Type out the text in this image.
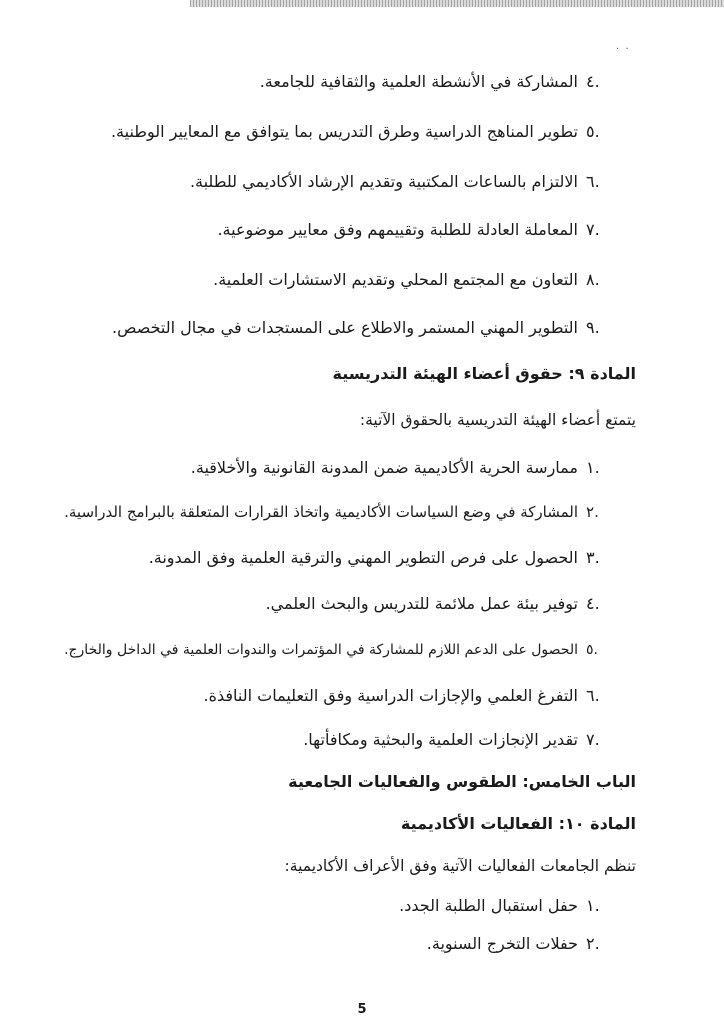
·  ·
.٤المشاركة في الأنشطة العلمية والثقافية للجامعة.
.٥تطوير المناهج الدراسية وطرق التدريس بما يتوافق مع المعايير الوطنية.
.٦الالتزام بالساعات المكتبية وتقديم الإرشاد الأكاديمي للطلبة.
.٧المعاملة العادلة للطلبة وتقييمهم وفق معايير موضوعية.
.٨التعاون مع المجتمع المحلي وتقديم الاستشارات العلمية.
.٩التطوير المهني المستمر والاطلاع على المستجدات في مجال التخصص.
المادة ٩: حقوق أعضاء الهيئة التدريسية
يتمتع أعضاء الهيئة التدريسية بالحقوق الآتية:
.١ممارسة الحرية الأكاديمية ضمن المدونة القانونية والأخلاقية.
.٢المشاركة في وضع السياسات الأكاديمية واتخاذ القرارات المتعلقة بالبرامج الدراسية.
.٣الحصول على فرص التطوير المهني والترقية العلمية وفق المدونة.
.٤توفير بيئة عمل ملائمة للتدريس والبحث العلمي.
.٥الحصول على الدعم اللازم للمشاركة في المؤتمرات والندوات العلمية في الداخل والخارج.
.٦التفرغ العلمي والإجازات الدراسية وفق التعليمات النافذة.
.٧تقدير الإنجازات العلمية والبحثية ومكافأتها.
الباب الخامس: الطقوس والفعاليات الجامعية
المادة ١٠: الفعاليات الأكاديمية
تنظم الجامعات الفعاليات الآتية وفق الأعراف الأكاديمية:
.١حفل استقبال الطلبة الجدد.
.٢حفلات التخرج السنوية.
5
